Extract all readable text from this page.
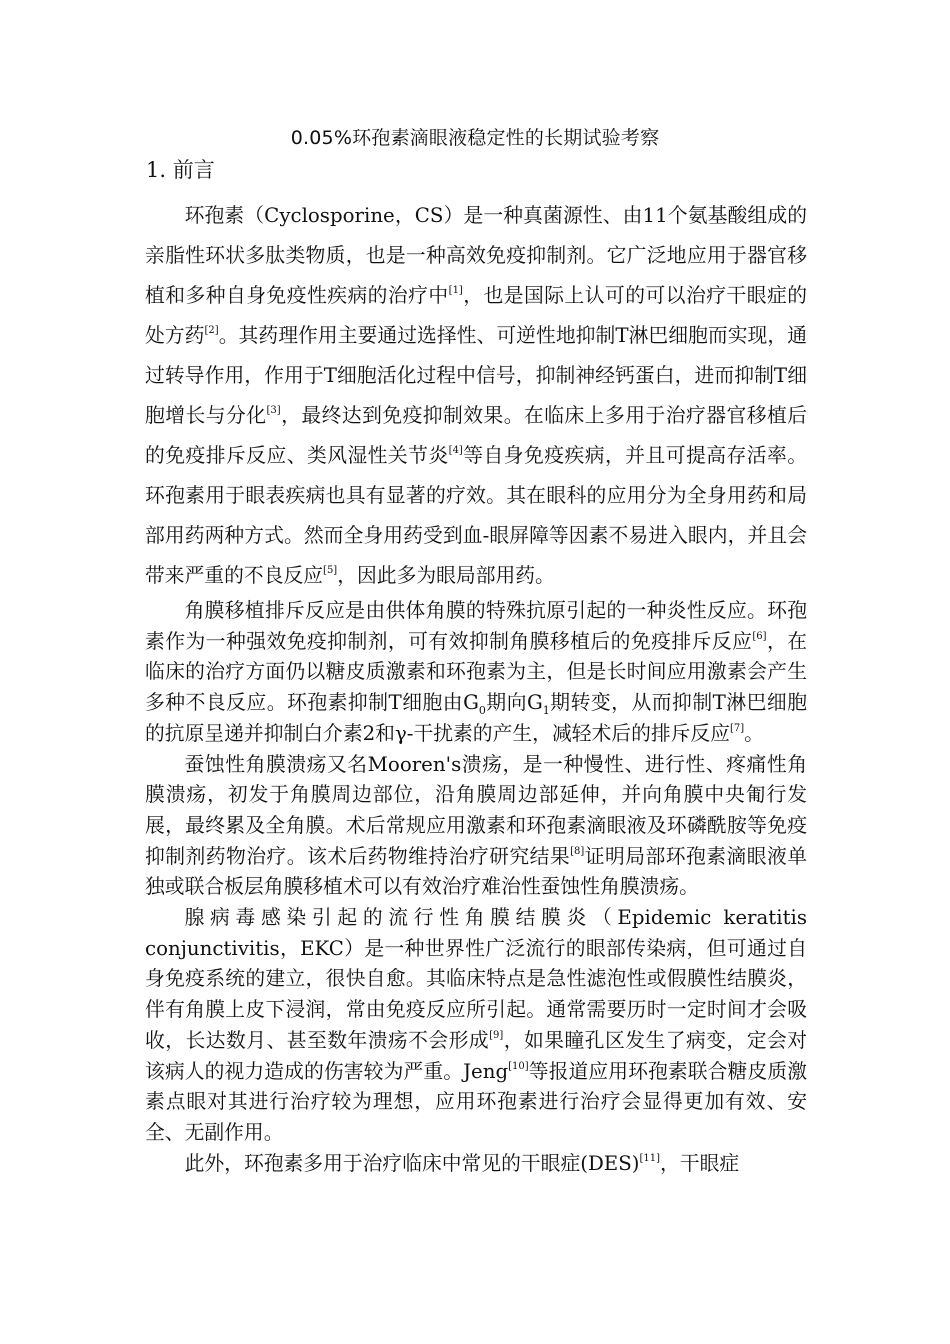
0.05%环孢素滴眼液稳定性的长期试验考察
1. 前言

环孢素（Cyclosporine，CS）是一种真菌源性、由11个氨基酸组成的亲脂性环状多肽类物质，也是一种高效免疫抑制剂。它广泛地应用于器官移植和多种自身免疫性疾病的治疗中[1]，也是国际上认可的可以治疗干眼症的处方药[2]。其药理作用主要通过选择性、可逆性地抑制T淋巴细胞而实现，通过转导作用，作用于T细胞活化过程中信号，抑制神经钙蛋白，进而抑制T细胞增长与分化[3]，最终达到免疫抑制效果。在临床上多用于治疗器官移植后的免疫排斥反应、类风湿性关节炎[4]等自身免疫疾病，并且可提高存活率。环孢素用于眼表疾病也具有显著的疗效。其在眼科的应用分为全身用药和局部用药两种方式。然而全身用药受到血-眼屏障等因素不易进入眼内，并且会带来严重的不良反应[5]，因此多为眼局部用药。

角膜移植排斥反应是由供体角膜的特殊抗原引起的一种炎性反应。环孢素作为一种强效免疫抑制剂，可有效抑制角膜移植后的免疫排斥反应[6]，在临床的治疗方面仍以糖皮质激素和环孢素为主，但是长时间应用激素会产生多种不良反应。环孢素抑制T细胞由$G_0$期向$G_1$期转变，从而抑制T淋巴细胞的抗原呈递并抑制白介素2和γ-干扰素的产生，减轻术后的排斥反应[7]。

蚕蚀性角膜溃疡又名Mooren's溃疡，是一种慢性、进行性、疼痛性角膜溃疡，初发于角膜周边部位，沿角膜周边部延伸，并向角膜中央匍行发展，最终累及全角膜。术后常规应用激素和环孢素滴眼液及环磷酰胺等免疫抑制剂药物治疗。该术后药物维持治疗研究结果[8]证明局部环孢素滴眼液单独或联合板层角膜移植术可以有效治疗难治性蚕蚀性角膜溃疡。

腺病毒感染引起的流行性角膜结膜炎（Epidemic keratitis conjunctivitis，EKC）是一种世界性广泛流行的眼部传染病，但可通过自身免疫系统的建立，很快自愈。其临床特点是急性滤泡性或假膜性结膜炎，伴有角膜上皮下浸润，常由免疫反应所引起。通常需要历时一定时间才会吸收，长达数月、甚至数年溃疡不会形成[9]，如果瞳孔区发生了病变，定会对该病人的视力造成的伤害较为严重。Jeng[10]等报道应用环孢素联合糖皮质激素点眼对其进行治疗较为理想，应用环孢素进行治疗会显得更加有效、安全、无副作用。

此外，环孢素多用于治疗临床中常见的干眼症(DES)[11]，干眼症
